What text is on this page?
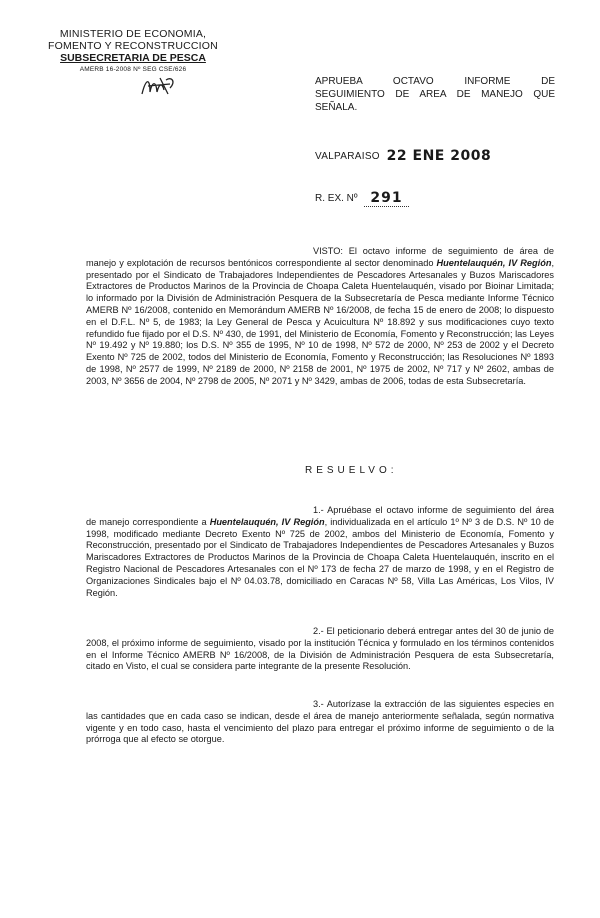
MINISTERIO DE ECONOMIA,
FOMENTO Y RECONSTRUCCION
SUBSECRETARIA DE PESCA
AMERB 16-2008 Nº SEG CSE/626
APRUEBA OCTAVO INFORME DE SEGUIMIENTO DE AREA DE MANEJO QUE SEÑALA.
VALPARAISO 22 ENE 2008
R. EX. Nº 291

VISTO: El octavo informe de seguimiento de área de manejo y explotación de recursos bentónicos correspondiente al sector denominado Huentelauquén, IV Región, presentado por el Sindicato de Trabajadores Independientes de Pescadores Artesanales y Buzos Mariscadores Extractores de Productos Marinos de la Provincia de Choapa Caleta Huentelauquén, visado por Bioinar Limitada; lo informado por la División de Administración Pesquera de la Subsecretaría de Pesca mediante Informe Técnico AMERB Nº 16/2008, contenido en Memorándum AMERB Nº 16/2008, de fecha 15 de enero de 2008; lo dispuesto en el D.F.L. Nº 5, de 1983; la Ley General de Pesca y Acuicultura Nº 18.892 y sus modificaciones cuyo texto refundido fue fijado por el D.S. Nº 430, de 1991, del Ministerio de Economía, Fomento y Reconstrucción; las Leyes Nº 19.492 y Nº 19.880; los D.S. Nº 355 de 1995, Nº 10 de 1998, Nº 572 de 2000, Nº 253 de 2002 y el Decreto Exento Nº 725 de 2002, todos del Ministerio de Economía, Fomento y Reconstrucción; las Resoluciones Nº 1893 de 1998, Nº 2577 de 1999, Nº 2189 de 2000, Nº 2158 de 2001, Nº 1975 de 2002, Nº 717 y Nº 2602, ambas de 2003, Nº 3656 de 2004, Nº 2798 de 2005, Nº 2071 y Nº 3429, ambas de 2006, todas de esta Subsecretaría.

RESUELVO:

1.- Apruébase el octavo informe de seguimiento del área de manejo correspondiente a Huentelauquén, IV Región, individualizada en el artículo 1º Nº 3 de D.S. Nº 10 de 1998, modificado mediante Decreto Exento Nº 725 de 2002, ambos del Ministerio de Economía, Fomento y Reconstrucción, presentado por el Sindicato de Trabajadores Independientes de Pescadores Artesanales y Buzos Mariscadores Extractores de Productos Marinos de la Provincia de Choapa Caleta Huentelauquén, inscrito en el Registro Nacional de Pescadores Artesanales con el Nº 173 de fecha 27 de marzo de 1998, y en el Registro de Organizaciones Sindicales bajo el Nº 04.03.78, domiciliado en Caracas Nº 58, Villa Las Américas, Los Vilos, IV Región.

2.- El peticionario deberá entregar antes del 30 de junio de 2008, el próximo informe de seguimiento, visado por la institución Técnica y formulado en los términos contenidos en el Informe Técnico AMERB Nº 16/2008, de la División de Administración Pesquera de esta Subsecretaría, citado en Visto, el cual se considera parte integrante de la presente Resolución.

3.- Autorízase la extracción de las siguientes especies en las cantidades que en cada caso se indican, desde el área de manejo anteriormente señalada, según normativa vigente y en todo caso, hasta el vencimiento del plazo para entregar el próximo informe de seguimiento o de la prórroga que al efecto se otorgue.
